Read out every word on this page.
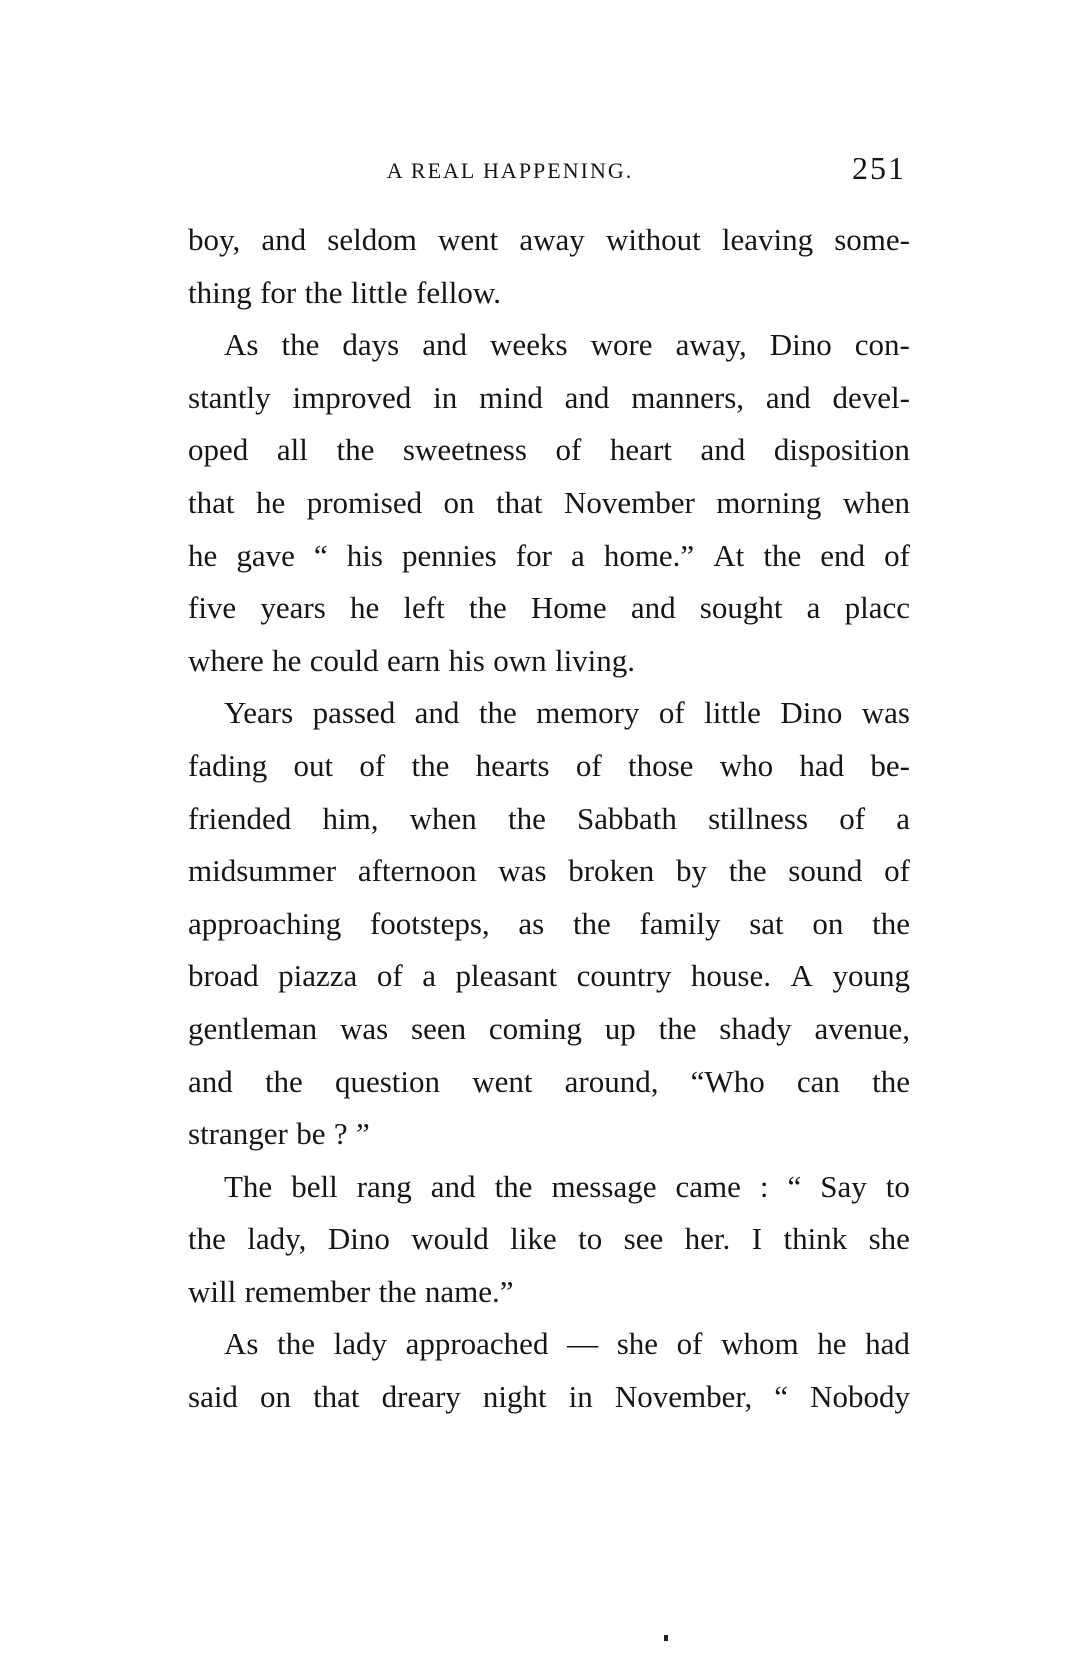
A REAL HAPPENING.	251
boy, and seldom went away without leaving some-
thing for the little fellow.
As the days and weeks wore away, Dino con-
stantly improved in mind and manners, and devel-
oped all the sweetness of heart and disposition
that he promised on that November morning when
he gave “ his pennies for a home.” At the end of
five years he left the Home and sought a placc
where he could earn his own living.
Years passed and the memory of little Dino was
fading out of the hearts of those who had be-
friended him, when the Sabbath stillness of a
midsummer afternoon was broken by the sound of
approaching footsteps, as the family sat on the
broad piazza of a pleasant country house. A young
gentleman was seen coming up the shady avenue,
and the question went around, “Who can the
stranger be ? ”
The bell rang and the message came : “ Say to
the lady, Dino would like to see her. I think she
will remember the name.”
As the lady approached — she of whom he had
said on that dreary night in November, “ Nobody
